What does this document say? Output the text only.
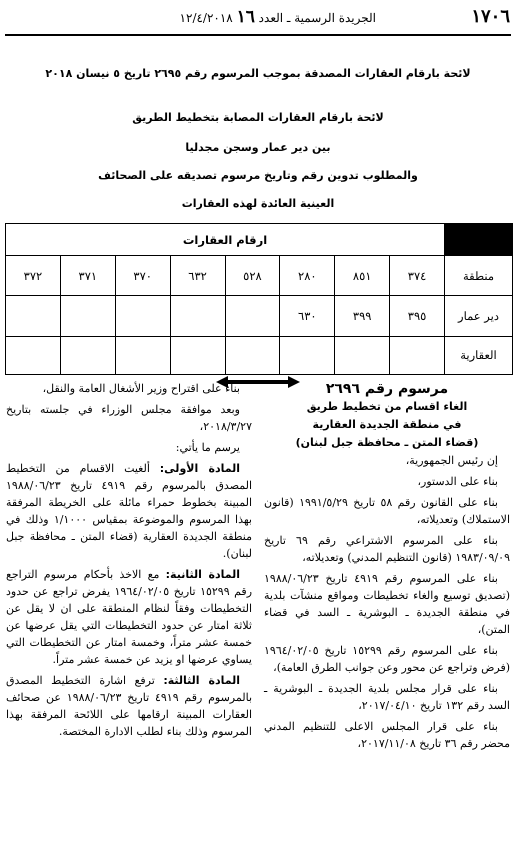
١٧٠٦
الجريدة الرسمية ـ العدد ١٦ ١٢/٤/٢٠١٨
لائحة بارقام العقارات المصدقة بموجب المرسوم رقم ٢٦٩٥ تاريخ ٥ نيسان ٢٠١٨
لائحة بارقام العقارات المصابة بتخطيط الطريق
بين دير عمار وسجن مجدليا
والمطلوب تدوين رقم وتاريخ مرسوم تصديقه على الصحائف
العينية العائدة لهذه العقارات
	ارقام العقارات							
منطقة	٣٧٤	٨٥١	٢٨٠	٥٢٨	٦٣٢	٣٧٠	٣٧١	٣٧٢
دير عمار	٣٩٥	٣٩٩	٦٣٠					
العقارية								
مرسوم رقم ٢٦٩٦
الغاء اقسام من تخطيط طريق
في منطقة الجديدة العقارية
(قضاء المتن ـ محافظة جبل لبنان)
إن رئيس الجمهورية،
بناء على الدستور،
بناء على القانون رقم ٥٨ تاريخ ١٩٩١/٥/٢٩ (قانون الاستملاك) وتعديلاته،
بناء على المرسوم الاشتراعي رقم ٦٩ تاريخ ١٩٨٣/٠٩/٠٩ (قانون التنظيم المدني) وتعديلاته،
بناء على المرسوم رقم ٤٩١٩ تاريخ ١٩٨٨/٠٦/٢٣ (تصديق توسيع والغاء تخطيطات ومواقع منشآت بلدية في منطقة الجديدة ـ البوشرية ـ السد في قضاء المتن)،
بناء على المرسوم رقم ١٥٢٩٩ تاريخ ١٩٦٤/٠٢/٠٥ (فرض وتراجع عن محور وعن جوانب الطرق العامة)،
بناء على قرار مجلس بلدية الجديدة ـ البوشرية ـ السد رقم ١٣٢ تاريخ ٢٠١٧/٠٤/١٠،
بناء على قرار المجلس الاعلى للتنظيم المدني محضر رقم ٣٦ تاريخ ٢٠١٧/١١/٠٨،
بناء على اقتراح وزير الأشغال العامة والنقل،
وبعد موافقة مجلس الوزراء في جلسته بتاريخ ٢٠١٨/٣/٢٧،
يرسم ما يأتي:
المادة الأولى: ألغيت الاقسام من التخطيط المصدق بالمرسوم رقم ٤٩١٩ تاريخ ١٩٨٨/٠٦/٢٣ المبينة بخطوط حمراء مائلة على الخريطة المرفقة بهذا المرسوم والموضوعة بمقياس ١/١٠٠٠ وذلك في منطقة الجديدة العقارية (قضاء المتن ـ محافظة جبل لبنان).
المادة الثانية: مع الاخذ بأحكام مرسوم التراجع رقم ١٥٢٩٩ تاريخ ١٩٦٤/٠٢/٠٥ يفرض تراجع عن حدود التخطيطات وفقاً لنظام المنطقة على ان لا يقل عن ثلاثة امتار عن حدود التخطيطات التي يقل عرضها عن خمسة عشر متراً، وخمسة امتار عن التخطيطات التي يساوي عرضها او يزيد عن خمسة عشر متراً.
المادة الثالثة: ترفع اشارة التخطيط المصدق بالمرسوم رقم ٤٩١٩ تاريخ ١٩٨٨/٠٦/٢٣ عن صحائف العقارات المبينة ارقامها على اللائحة المرفقة بهذا المرسوم وذلك بناء لطلب الادارة المختصة.
